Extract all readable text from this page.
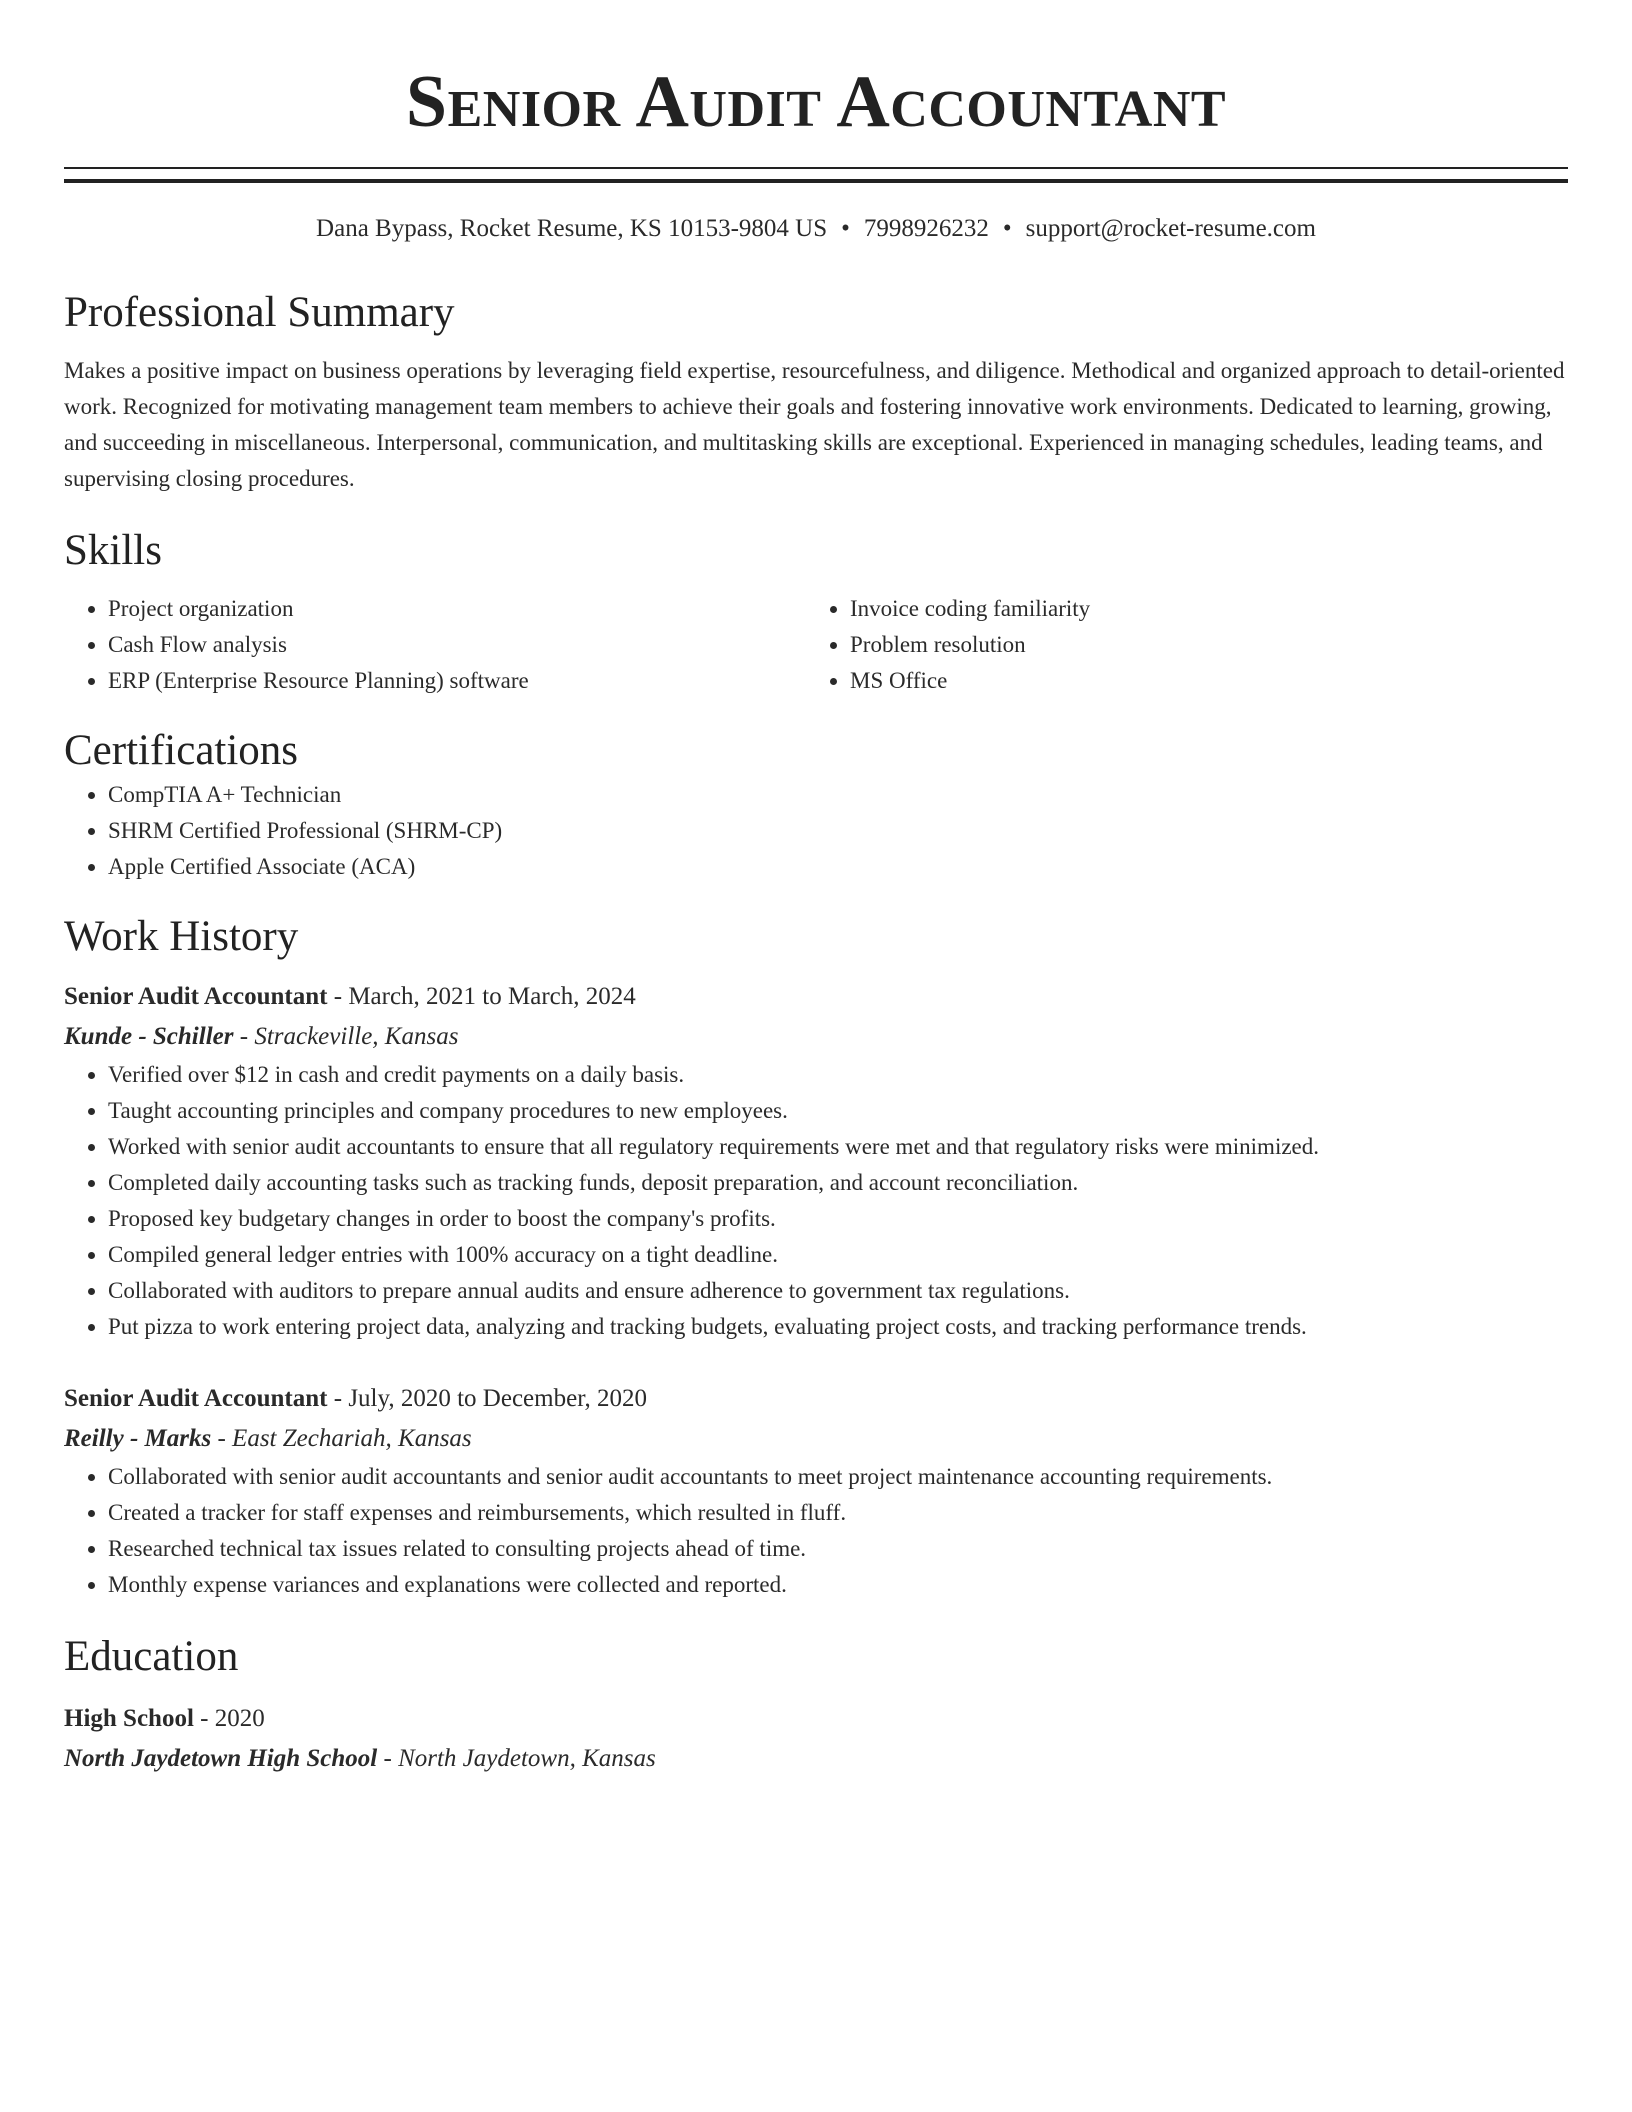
Senior Audit Accountant
Dana Bypass, Rocket Resume, KS 10153-9804 US • 7998926232 • support@rocket-resume.com
Professional Summary
Makes a positive impact on business operations by leveraging field expertise, resourcefulness, and diligence. Methodical and organized approach to detail-oriented work. Recognized for motivating management team members to achieve their goals and fostering innovative work environments. Dedicated to learning, growing, and succeeding in miscellaneous. Interpersonal, communication, and multitasking skills are exceptional. Experienced in managing schedules, leading teams, and supervising closing procedures.
Skills
• Project organization
• Cash Flow analysis
• ERP (Enterprise Resource Planning) software
• Invoice coding familiarity
• Problem resolution
• MS Office
Certifications
• CompTIA A+ Technician
• SHRM Certified Professional (SHRM-CP)
• Apple Certified Associate (ACA)
Work History
Senior Audit Accountant - March, 2021 to March, 2024
Kunde - Schiller - Strackeville, Kansas
• Verified over $12 in cash and credit payments on a daily basis.
• Taught accounting principles and company procedures to new employees.
• Worked with senior audit accountants to ensure that all regulatory requirements were met and that regulatory risks were minimized.
• Completed daily accounting tasks such as tracking funds, deposit preparation, and account reconciliation.
• Proposed key budgetary changes in order to boost the company's profits.
• Compiled general ledger entries with 100% accuracy on a tight deadline.
• Collaborated with auditors to prepare annual audits and ensure adherence to government tax regulations.
• Put pizza to work entering project data, analyzing and tracking budgets, evaluating project costs, and tracking performance trends.
Senior Audit Accountant - July, 2020 to December, 2020
Reilly - Marks - East Zechariah, Kansas
• Collaborated with senior audit accountants and senior audit accountants to meet project maintenance accounting requirements.
• Created a tracker for staff expenses and reimbursements, which resulted in fluff.
• Researched technical tax issues related to consulting projects ahead of time.
• Monthly expense variances and explanations were collected and reported.
Education
High School - 2020
North Jaydetown High School - North Jaydetown, Kansas
